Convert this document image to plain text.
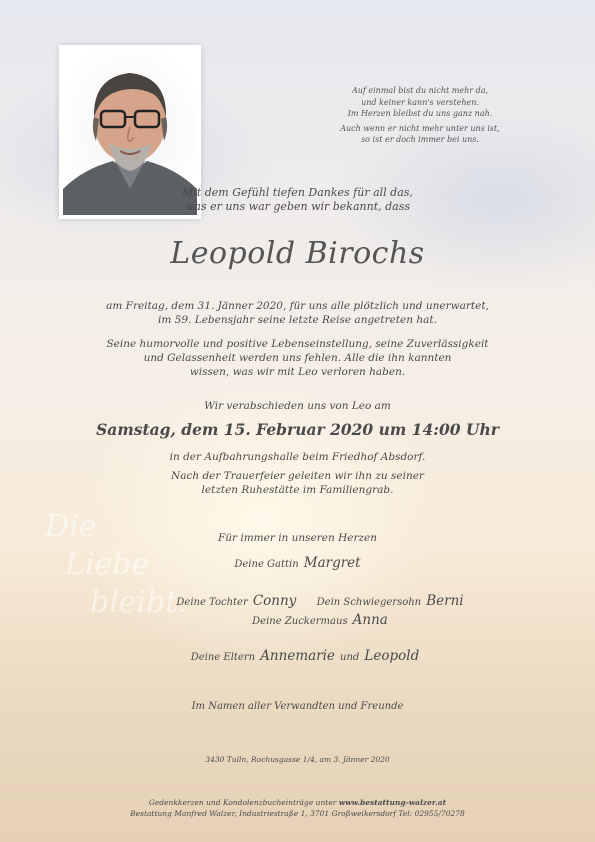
Auf einmal bist du nicht mehr da,

und keiner kann's verstehen.

Im Herzen bleibst du uns ganz nah.

Auch wenn er nicht mehr unter uns ist,

so ist er doch immer bei uns.

Mit dem Gefühl tiefen Dankes für all das,
was er uns war geben wir bekannt, dass
Leopold Birochs
am Freitag, dem 31. Jänner 2020, für uns alle plötzlich und unerwartet,
im 59. Lebensjahr seine letzte Reise angetreten hat.
Seine humorvolle und positive Lebenseinstellung, seine Zuverlässigkeit
und Gelassenheit werden uns fehlen. Alle die ihn kannten
wissen, was wir mit Leo verloren haben.
Wir verabschieden uns von Leo am
Samstag, dem 15. Februar 2020 um 14:00 Uhr
in der Aufbahrungshalle beim Friedhof Absdorf.
Nach der Trauerfeier geleiten wir ihn zu seiner
letzten Ruhestätte im Familiengrab.
Die
Liebe
bleibt.
Für immer in unseren Herzen
Deine Gattin Margret
Deine Tochter Conny Dein Schwiegersohn Berni
Deine Zuckermaus Anna
Deine Eltern Annemarie und Leopold
Im Namen aller Verwandten und Freunde
3430 Tulln, Rochusgasse 1/4, am 3. Jänner 2020
Gedenkkerzen und Kondolenzbucheinträge unter www.bestattung-walzer.at
Bestattung Manfred Walzer, Industriestraße 1, 3701 Großweikersdorf Tel: 02955/70278
